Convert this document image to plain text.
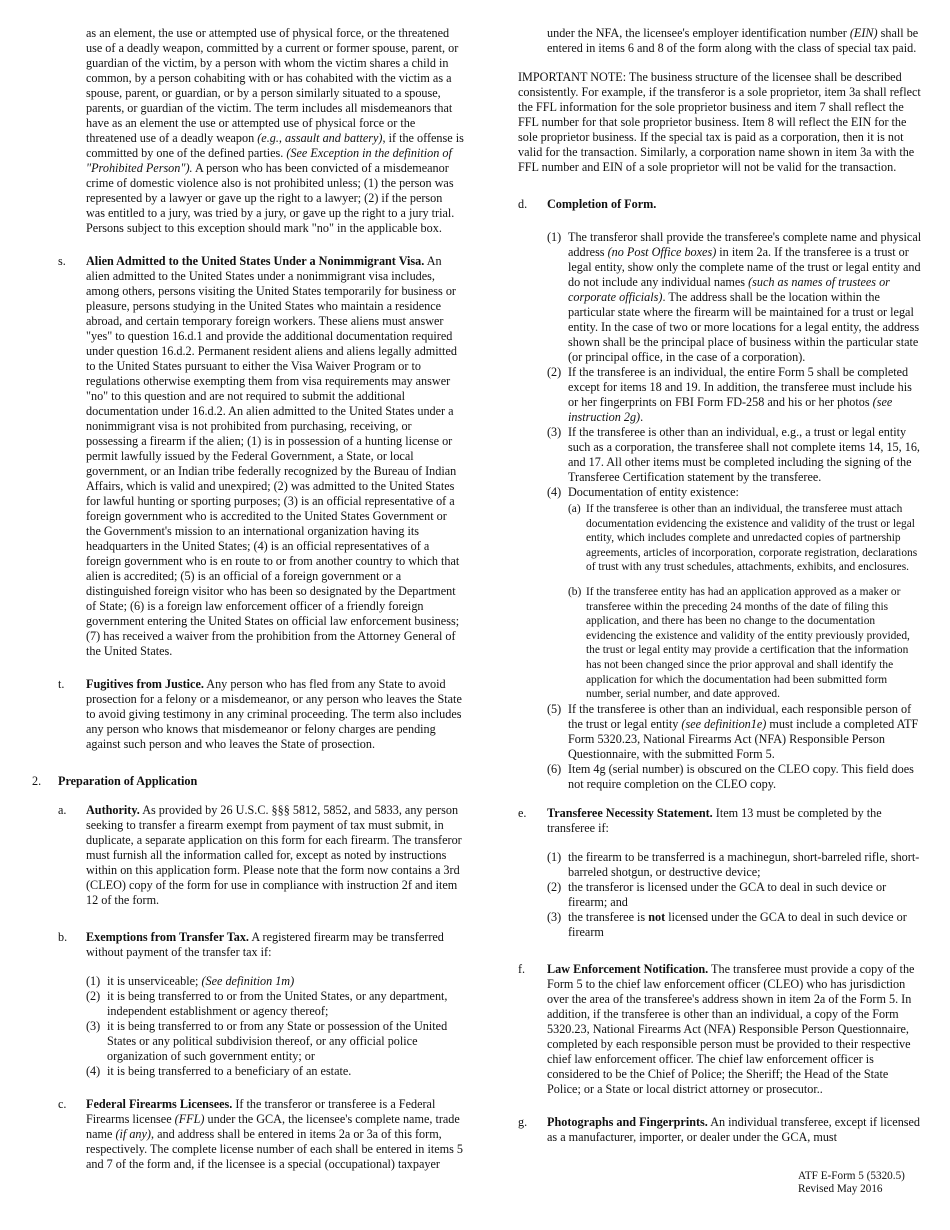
as an element, the use or attempted use of physical force, or the threatened use of a deadly weapon, committed by a current or former spouse, parent, or guardian of the victim, by a person with whom the victim shares a child in common, by a person cohabiting with or has cohabited with the victim as a spouse, parent, or guardian, or by a person similarly situated to a spouse, parents, or guardian of the victim. The term includes all misdemeanors that have as an element the use or attempted use of physical force or the threatened use of a deadly weapon (e.g., assault and battery), if the offense is committed by one of the defined parties. (See Exception in the definition of "Prohibited Person"). A person who has been convicted of a misdemeanor crime of domestic violence also is not prohibited unless; (1) the person was represented by a lawyer or gave up the right to a lawyer; (2) if the person was entitled to a jury, was tried by a jury, or gave up the right to a jury trial. Persons subject to this exception should mark "no" in the applicable box.

s. Alien Admitted to the United States Under a Nonimmigrant Visa. An alien admitted to the United States under a nonimmigrant visa includes, among others, persons visiting the United States temporarily for business or pleasure, persons studying in the United States who maintain a residence abroad, and certain temporary foreign workers. These aliens must answer "yes" to question 16.d.1 and provide the additional documentation required under question 16.d.2. Permanent resident aliens and aliens legally admitted to the United States pursuant to either the Visa Waiver Program or to regulations otherwise exempting them from visa requirements may answer "no" to this question and are not required to submit the additional documentation under 16.d.2. An alien admitted to the United States under a nonimmigrant visa is not prohibited from purchasing, receiving, or possessing a firearm if the alien; (1) is in possession of a hunting license or permit lawfully issued by the Federal Government, a State, or local government, or an Indian tribe federally recognized by the Bureau of Indian Affairs, which is valid and unexpired; (2) was admitted to the United States for lawful hunting or sporting purposes; (3) is an official representative of a foreign government who is accredited to the United States Government or the Government's mission to an international organization having its headquarters in the United States; (4) is an official representatives of a foreign government who is en route to or from another country to which that alien is accredited; (5) is an official of a foreign government or a distinguished foreign visitor who has been so designated by the Department of State; (6) is a foreign law enforcement officer of a friendly foreign government entering the United States on official law enforcement business; (7) has received a waiver from the prohibition from the Attorney General of the United States.

t. Fugitives from Justice. Any person who has fled from any State to avoid prosection for a felony or a misdemeanor, or any person who leaves the State to avoid giving testimony in any criminal proceeding. The term also includes any person who knows that misdemeanor or felony charges are pending against such person and who leaves the State of prosection.

2. Preparation of Application
a. Authority. As provided by 26 U.S.C. §§§ 5812, 5852, and 5833, any person seeking to transfer a firearm exempt from payment of tax must submit, in duplicate, a separate application on this form for each firearm. The transferor must furnish all the information called for, except as noted by instructions within on this application form. Please note that the form now contains a 3rd (CLEO) copy of the form for use in compliance with instruction 2f and item 12 of the form.

b. Exemptions from Transfer Tax. A registered firearm may be transferred without payment of the transfer tax if:

(1) it is unserviceable; (See definition 1m)
(2) it is being transferred to or from the United States, or any department, independent establishment or agency thereof;
(3) it is being transferred to or from any State or possession of the United States or any political subdivision thereof, or any official police organization of such government entity; or
(4) it is being transferred to a beneficiary of an estate.
c. Federal Firearms Licensees. If the transferor or transferee is a Federal Firearms licensee (FFL) under the GCA, the licensee's complete name, trade name (if any), and address shall be entered in items 2a or 3a of this form, respectively. The complete license number of each shall be entered in items 5 and 7 of the form and, if the licensee is a special (occupational) taxpayer

under the NFA, the licensee's employer identification number (EIN) shall be entered in items 6 and 8 of the form along with the class of special tax paid.

IMPORTANT NOTE: The business structure of the licensee shall be described consistently. For example, if the transferor is a sole proprietor, item 3a shall reflect the FFL information for the sole proprietor business and item 7 shall reflect the FFL number for that sole proprietor business. Item 8 will reflect the EIN for the sole proprietor business. If the special tax is paid as a corporation, then it is not valid for the transaction. Similarly, a corporation name shown in item 3a with the FFL number and EIN of a sole proprietor will not be valid for the transaction.

d. Completion of Form.

(1) The transferor shall provide the transferee's complete name and physical address (no Post Office boxes) in item 2a. If the transferee is a trust or legal entity, show only the complete name of the trust or legal entity and do not include any individual names (such as names of trustees or corporate officials). The address shall be the location within the particular state where the firearm will be maintained for a trust or legal entity. In the case of two or more locations for a legal entity, the address shown shall be the principal place of business within the particular state (or principal office, in the case of a corporation).
(2) If the transferee is an individual, the entire Form 5 shall be completed except for items 18 and 19. In addition, the transferee must include his or her fingerprints on FBI Form FD-258 and his or her photos (see instruction 2g).
(3) If the transferee is other than an individual, e.g., a trust or legal entity such as a corporation, the transferee shall not complete items 14, 15, 16, and 17. All other items must be completed including the signing of the Transferee Certification statement by the transferee.
(4) Documentation of entity existence:
(a) If the transferee is other than an individual, the transferee must attach documentation evidencing the existence and validity of the trust or legal entity, which includes complete and unredacted copies of partnership agreements, articles of incorporation, corporate registration, declarations of trust with any trust schedules, attachments, exhibits, and enclosures.
(b) If the transferee entity has had an application approved as a maker or transferee within the preceding 24 months of the date of filing this application, and there has been no change to the documentation evidencing the existence and validity of the entity previously provided, the trust or legal entity may provide a certification that the information has not been changed since the prior approval and shall identify the application for which the documentation had been submitted form number, serial number, and date approved.
(5) If the transferee is other than an individual, each responsible person of the trust or legal entity (see definition1e) must include a completed ATF Form 5320.23, National Firearms Act (NFA) Responsible Person Questionnaire, with the submitted Form 5.
(6) Item 4g (serial number) is obscured on the CLEO copy. This field does not require completion on the CLEO copy.
e. Transferee Necessity Statement. Item 13 must be completed by the transferee if:

(1) the firearm to be transferred is a machinegun, short-barreled rifle, short-barreled shotgun, or destructive device;
(2) the transferor is licensed under the GCA to deal in such device or firearm; and
(3) the transferee is not licensed under the GCA to deal in such device or firearm
f. Law Enforcement Notification. The transferee must provide a copy of the Form 5 to the chief law enforcement officer (CLEO) who has jurisdiction over the area of the transferee's address shown in item 2a of the Form 5. In addition, if the transferee is other than an individual, a copy of the Form 5320.23, National Firearms Act (NFA) Responsible Person Questionnaire, completed by each responsible person must be provided to their respective chief law enforcement officer. The chief law enforcement officer is considered to be the Chief of Police; the Sheriff; the Head of the State Police; or a State or local district attorney or prosecutor..

g. Photographs and Fingerprints. An individual transferee, except if licensed as a manufacturer, importer, or dealer under the GCA, must

ATF E-Form 5 (5320.5)
Revised May 2016
